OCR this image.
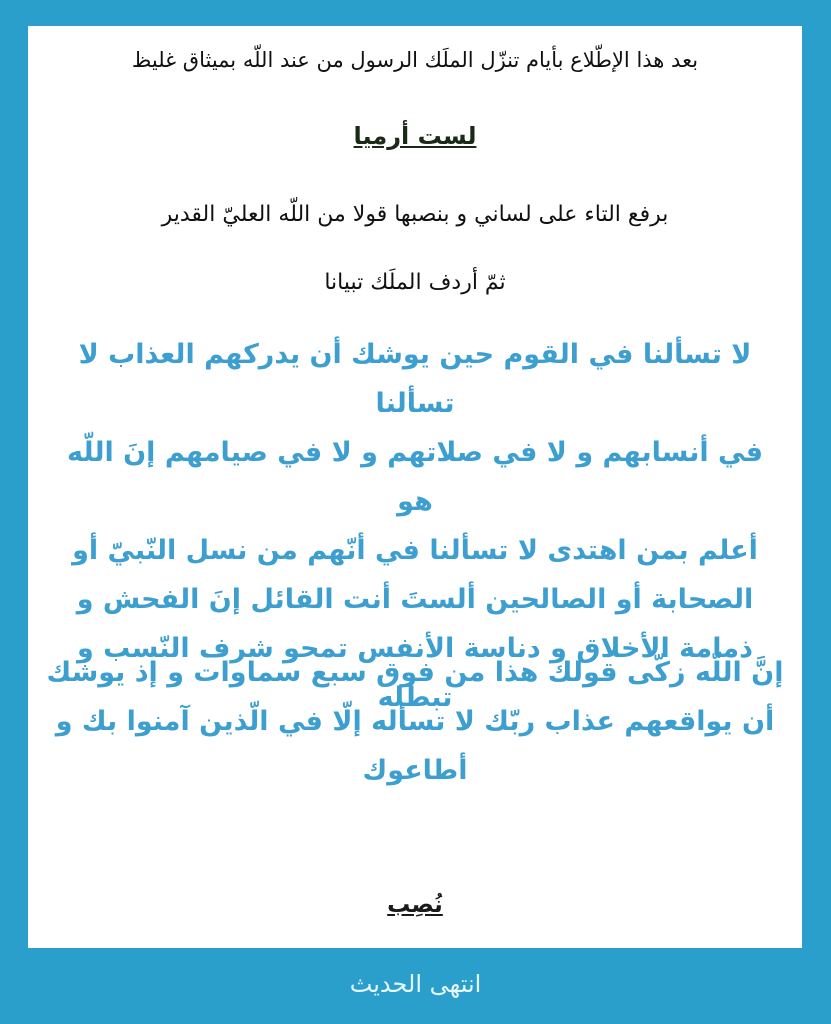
بعد هذا الإطّلاع بأيام تنزّل الملَك الرسول من عند اللّه بميثاق غليظ
لست أرميا
برفع التاء على لساني و بنصبها قولا من اللّه العليّ القدير
ثمّ أردف الملَك تبيانا
لا تسألنا في القوم حين يوشك أن يدركهم العذاب لا تسألنا
في أنسابهم و لا في صلاتهم و لا في صيامهم إنَ اللّه هو
أعلم بمن اهتدى لا تسألنا في أنّهم من نسل النّبيّ أو
الصحابة أو الصالحين ألستَ أنت القائل إنَ الفحش و
ذمامة الأخلاق و دناسة الأنفس تمحو شرف النّسب و
تبطله
إنَّ اللّه زكّى قولك هذا من فوق سبع سماوات و إذ يوشك
أن يواقعهم عذاب ربّك لا تسأله إلّا في الّذين آمنوا بك و
أطاعوك
نُصِب
انتهى الحديث
